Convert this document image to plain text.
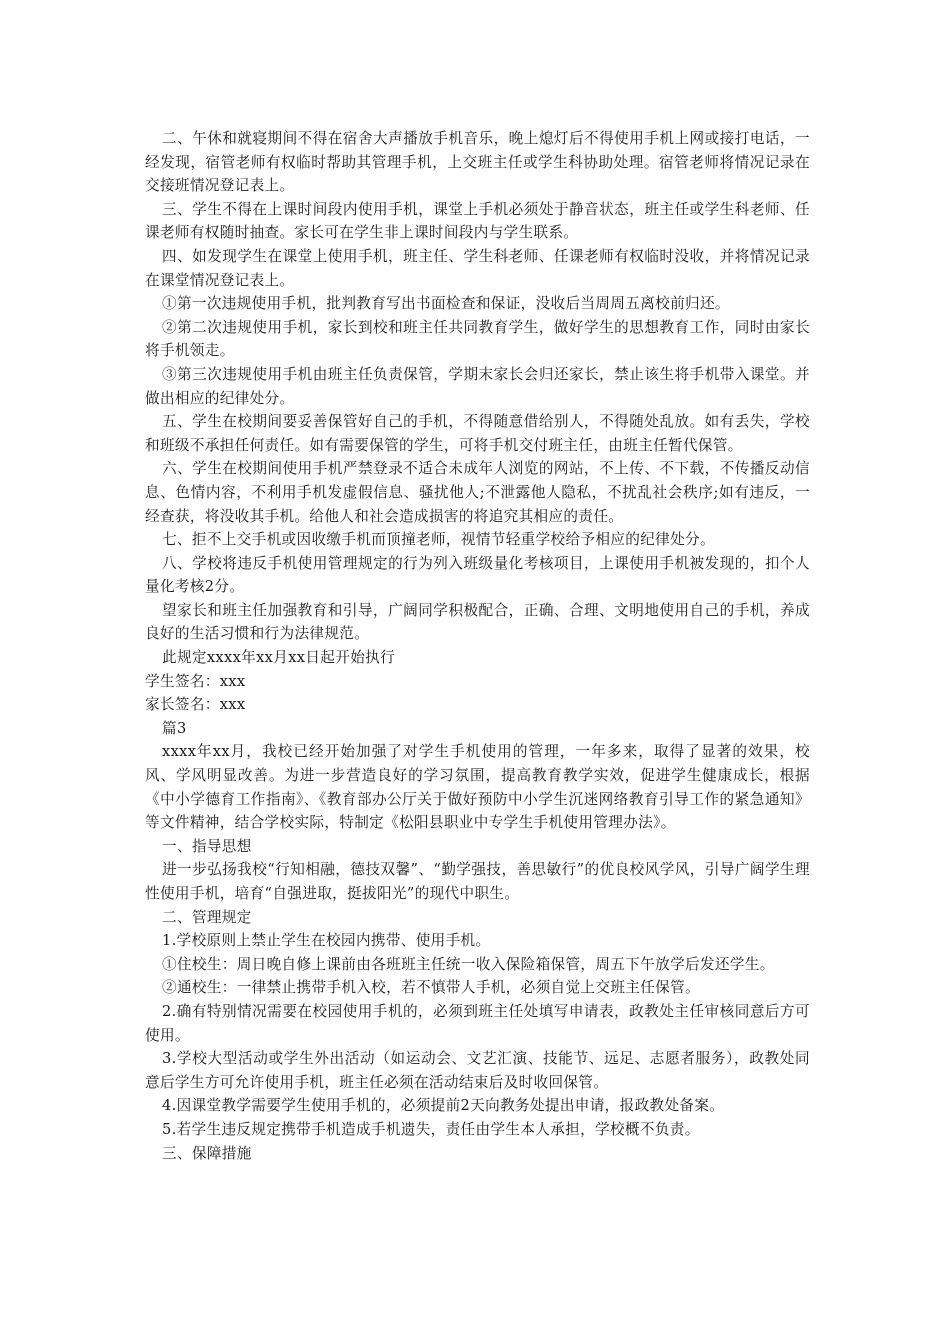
二、午休和就寝期间不得在宿舍大声播放手机音乐，晚上熄灯后不得使用手机上网或接打电话，一经发现，宿管老师有权临时帮助其管理手机，上交班主任或学生科协助处理。宿管老师将情况记录在交接班情况登记表上。

三、学生不得在上课时间段内使用手机，课堂上手机必须处于静音状态，班主任或学生科老师、任课老师有权随时抽查。家长可在学生非上课时间段内与学生联系。

四、如发现学生在课堂上使用手机，班主任、学生科老师、任课老师有权临时没收，并将情况记录在课堂情况登记表上。

①第一次违规使用手机，批判教育写出书面检查和保证，没收后当周周五离校前归还。

②第二次违规使用手机，家长到校和班主任共同教育学生，做好学生的思想教育工作，同时由家长将手机领走。

③第三次违规使用手机由班主任负责保管，学期末家长会归还家长，禁止该生将手机带入课堂。并做出相应的纪律处分。

五、学生在校期间要妥善保管好自己的手机，不得随意借给别人，不得随处乱放。如有丢失，学校和班级不承担任何责任。如有需要保管的学生，可将手机交付班主任，由班主任暂代保管。

六、学生在校期间使用手机严禁登录不适合未成年人浏览的网站，不上传、不下载，不传播反动信息、色情内容，不利用手机发虚假信息、骚扰他人;不泄露他人隐私，不扰乱社会秩序;如有违反，一经查获，将没收其手机。给他人和社会造成损害的将追究其相应的责任。

七、拒不上交手机或因收缴手机而顶撞老师，视情节轻重学校给予相应的纪律处分。

八、学校将违反手机使用管理规定的行为列入班级量化考核项目，上课使用手机被发现的，扣个人量化考核2分。

望家长和班主任加强教育和引导，广阔同学积极配合，正确、合理、文明地使用自己的手机，养成良好的生活习惯和行为法律规范。

此规定xxxx年xx月xx日起开始执行

学生签名：xxx

家长签名：xxx

篇3

xxxx年xx月，我校已经开始加强了对学生手机使用的管理，一年多来，取得了显著的效果，校风、学风明显改善。为进一步营造良好的学习氛围，提高教育教学实效，促进学生健康成长，根据《中小学德育工作指南》、《教育部办公厅关于做好预防中小学生沉迷网络教育引导工作的紧急通知》等文件精神，结合学校实际，特制定《松阳县职业中专学生手机使用管理办法》。

一、指导思想

进一步弘扬我校“行知相融，德技双馨”、“勤学强技，善思敏行”的优良校风学风，引导广阔学生理性使用手机，培育“自强进取，挺拔阳光”的现代中职生。

二、管理规定

1.学校原则上禁止学生在校园内携带、使用手机。

①住校生：周日晚自修上课前由各班班主任统一收入保险箱保管，周五下午放学后发还学生。

②通校生：一律禁止携带手机入校，若不慎带人手机，必须自觉上交班主任保管。

2.确有特别情况需要在校园使用手机的，必须到班主任处填写申请表，政教处主任审核同意后方可使用。

3.学校大型活动或学生外出活动（如运动会、文艺汇演、技能节、远足、志愿者服务），政教处同意后学生方可允许使用手机，班主任必须在活动结束后及时收回保管。

4.因课堂教学需要学生使用手机的，必须提前2天向教务处提出申请，报政教处备案。

5.若学生违反规定携带手机造成手机遗失，责任由学生本人承担，学校概不负责。

三、保障措施
